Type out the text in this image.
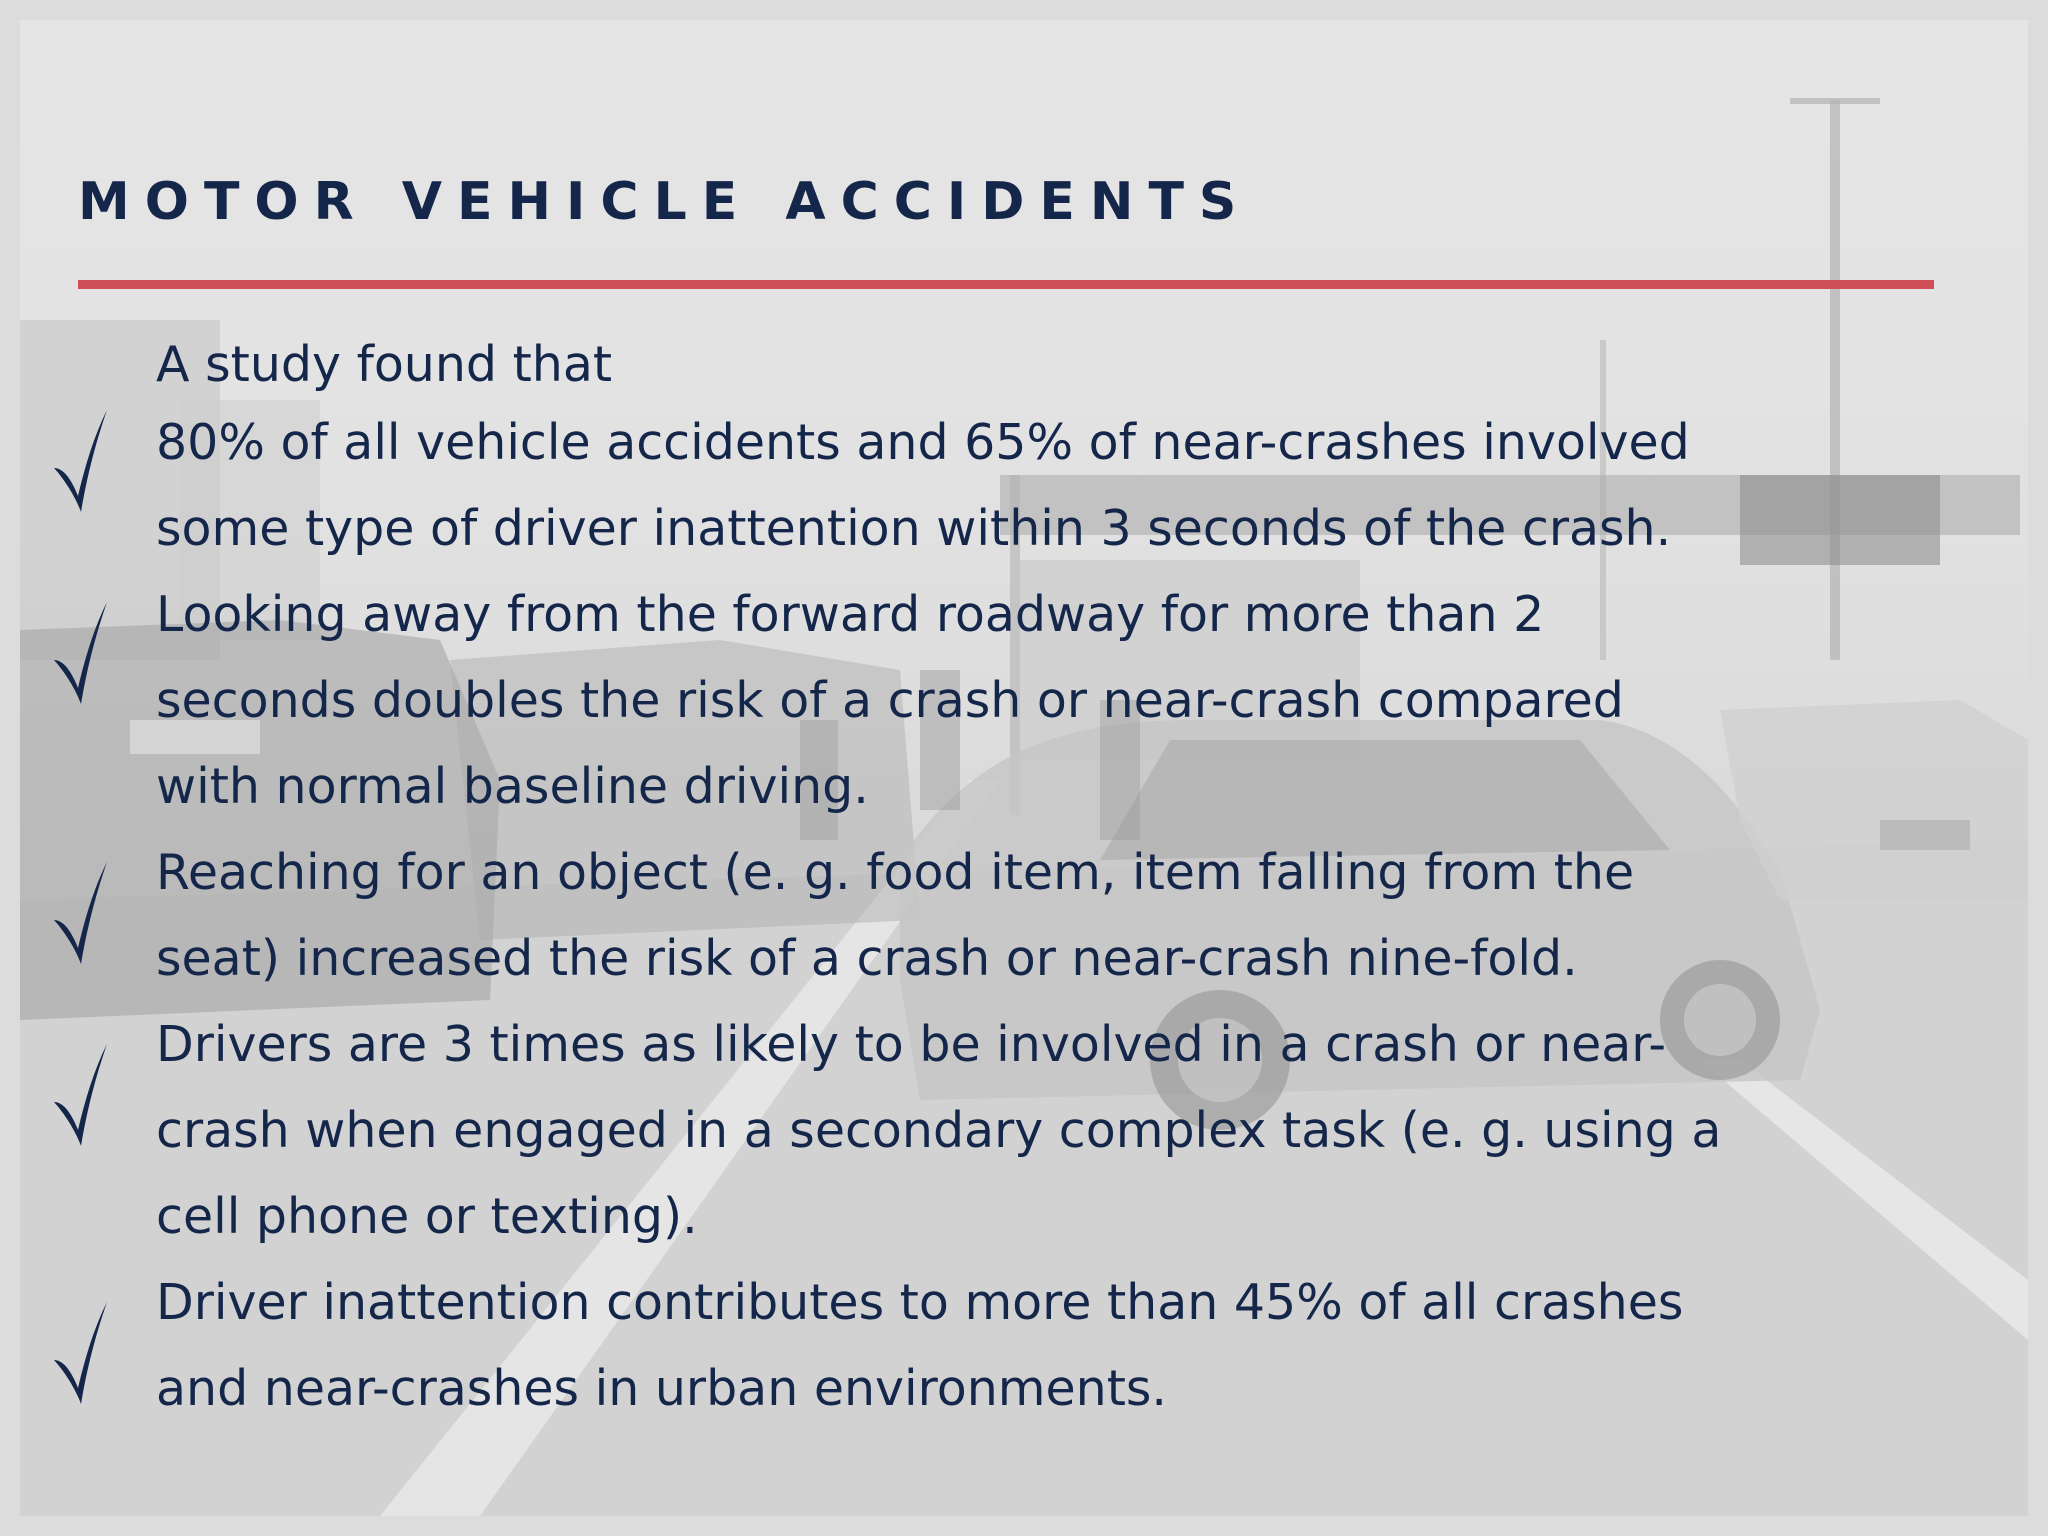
MOTOR VEHICLE ACCIDENTS
A study found that
80% of all vehicle accidents and 65% of near-crashes involved
some type of driver inattention within 3 seconds of the crash.
Looking away from the forward roadway for more than 2
seconds doubles the risk of a crash or near-crash compared
with normal baseline driving.
Reaching for an object (e. g. food item, item falling from the
seat) increased the risk of a crash or near-crash nine-fold.
Drivers are 3 times as likely to be involved in a crash or near-
crash when engaged in a secondary complex task (e. g. using a
cell phone or texting).
Driver inattention contributes to more than 45% of all crashes
and near-crashes in urban environments.
